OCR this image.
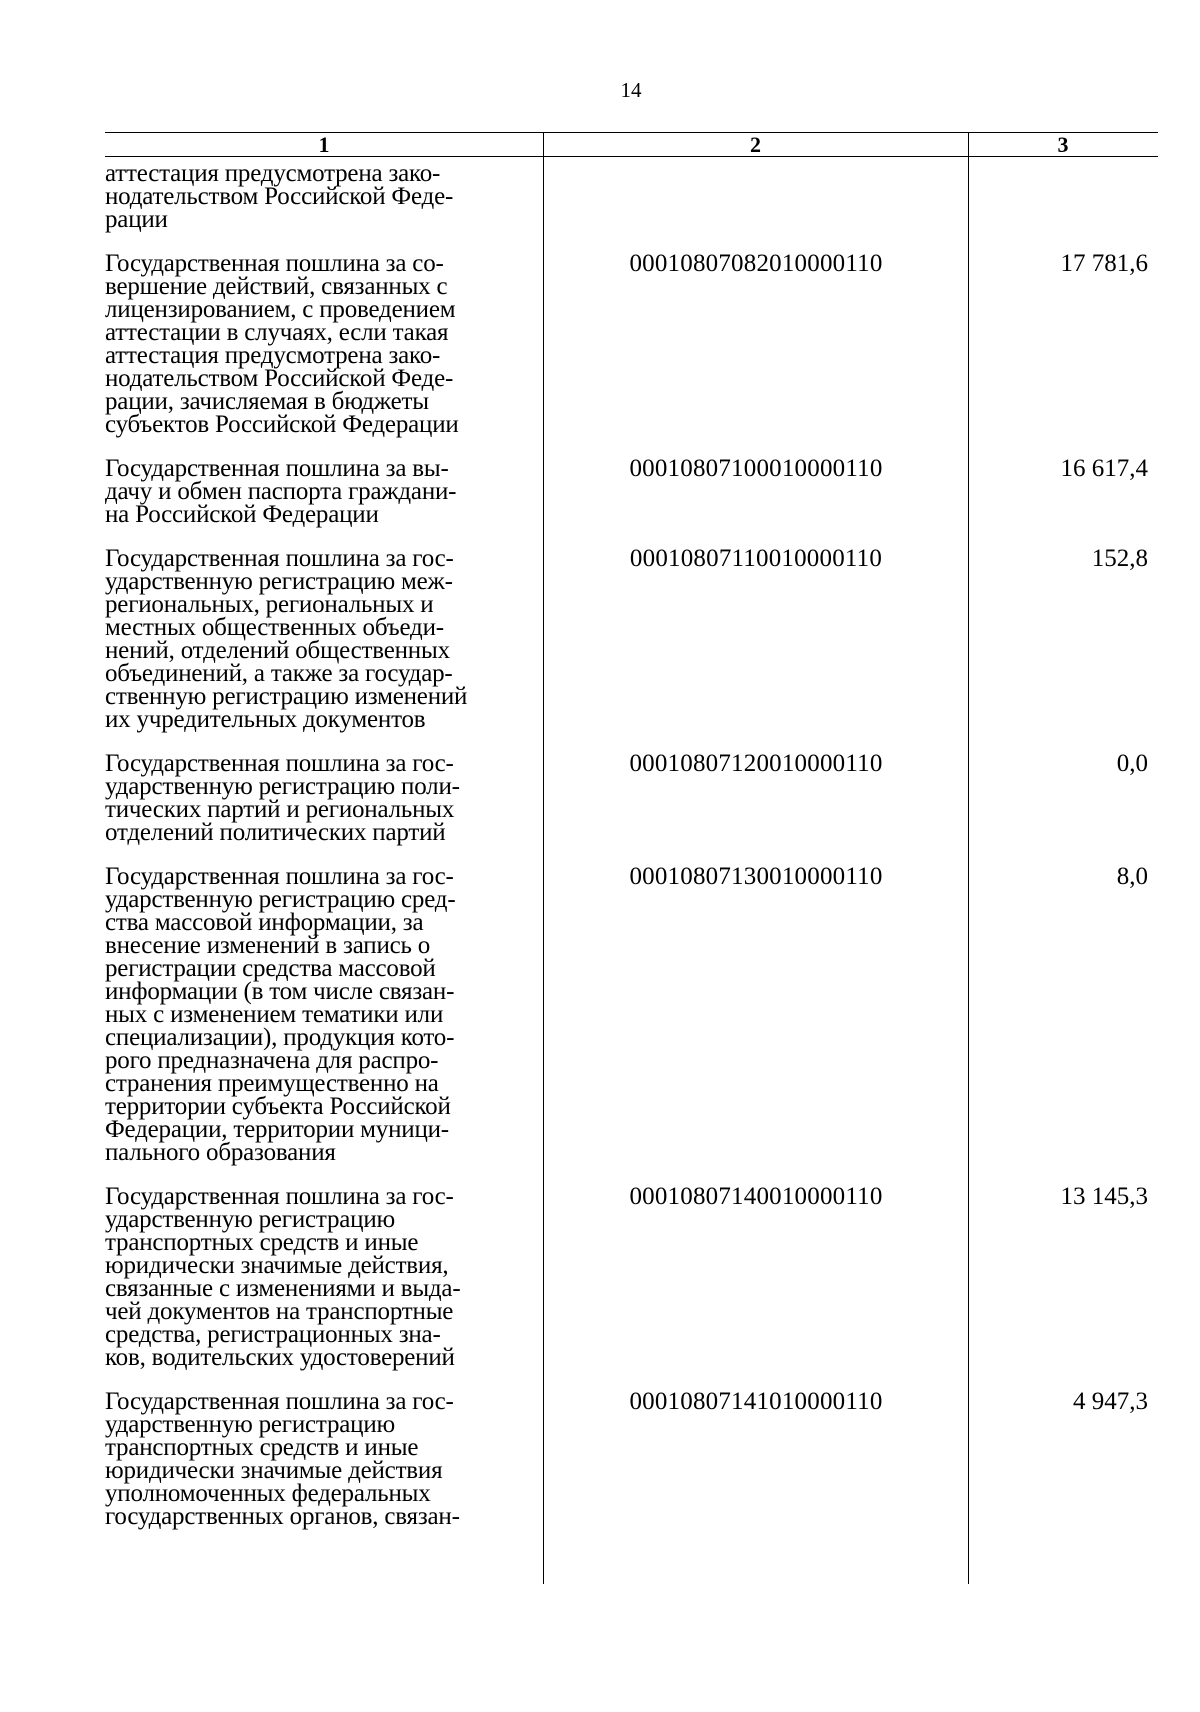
14
1	2	3
аттестация предусмотрена зако-
нодательством Российской Феде-
рации
Государственная пошлина за со-
вершение действий, связанных с
лицензированием, с проведением
аттестации в случаях, если такая
аттестация предусмотрена зако-
нодательством Российской Феде-
рации, зачисляемая в бюджеты
субъектов Российской Федерации
00010807082010000110	17 781,6
Государственная пошлина за вы-
дачу и обмен паспорта граждани-
на Российской Федерации
00010807100010000110	16 617,4
Государственная пошлина за гос-
ударственную регистрацию меж-
региональных, региональных и
местных общественных объеди-
нений, отделений общественных
объединений, а также за государ-
ственную регистрацию изменений
их учредительных документов
00010807110010000110	152,8
Государственная пошлина за гос-
ударственную регистрацию поли-
тических партий и региональных
отделений политических партий
00010807120010000110	0,0
Государственная пошлина за гос-
ударственную регистрацию сред-
ства массовой информации, за
внесение изменений в запись о
регистрации средства массовой
информации (в том числе связан-
ных с изменением тематики или
специализации), продукция кото-
рого предназначена для распро-
странения преимущественно на
территории субъекта Российской
Федерации, территории муници-
пального образования
00010807130010000110	8,0
Государственная пошлина за гос-
ударственную регистрацию
транспортных средств и иные
юридически значимые действия,
связанные с изменениями и выда-
чей документов на транспортные
средства, регистрационных зна-
ков, водительских удостоверений
00010807140010000110	13 145,3
Государственная пошлина за гос-
ударственную регистрацию
транспортных средств и иные
юридически значимые действия
уполномоченных федеральных
государственных органов, связан-
00010807141010000110	4 947,3
